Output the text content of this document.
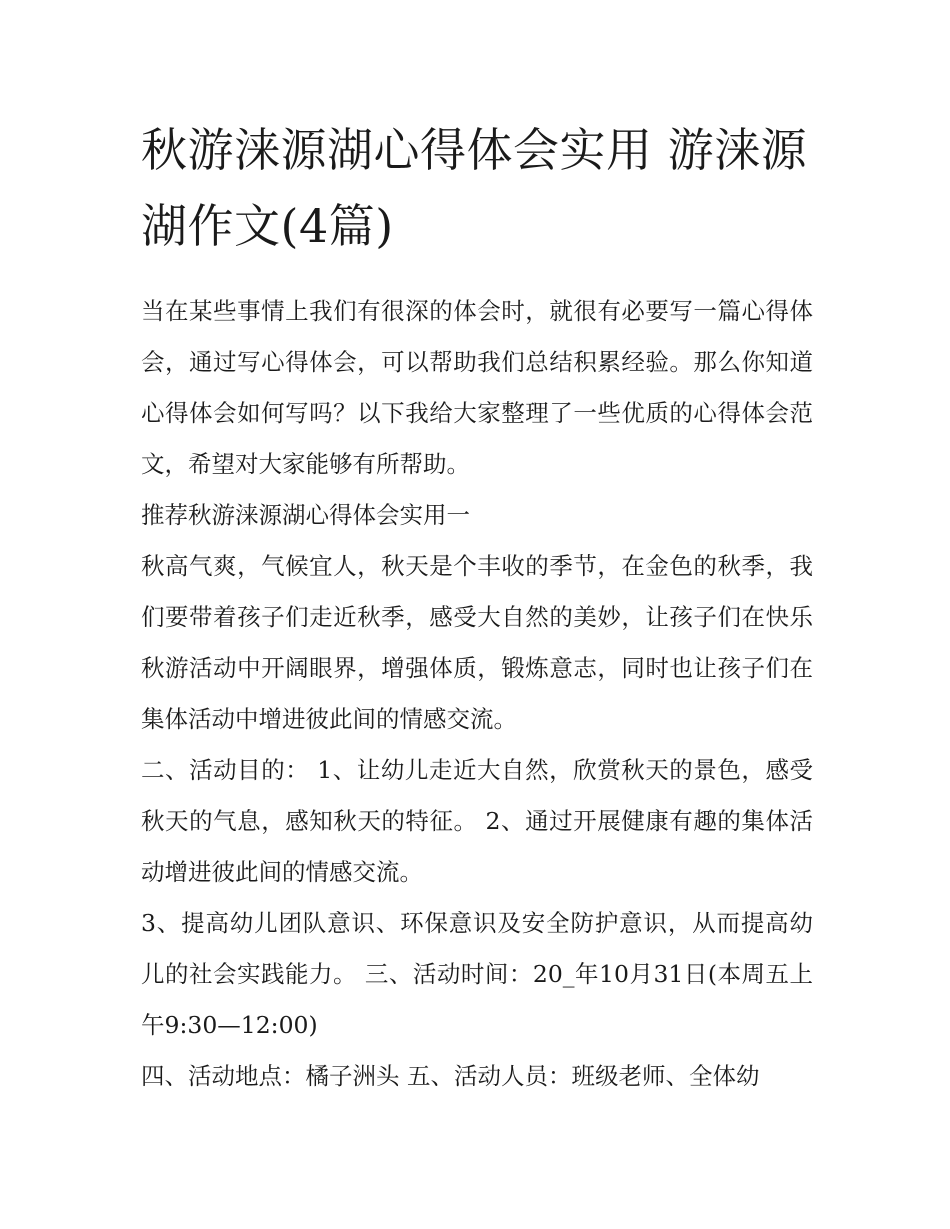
秋游涞源湖心得体会实用 游涞源湖作文(4篇)

当在某些事情上我们有很深的体会时，就很有必要写一篇心得体会，通过写心得体会，可以帮助我们总结积累经验。那么你知道心得体会如何写吗？以下我给大家整理了一些优质的心得体会范文，希望对大家能够有所帮助。

推荐秋游涞源湖心得体会实用一

秋高气爽，气候宜人，秋天是个丰收的季节，在金色的秋季，我们要带着孩子们走近秋季，感受大自然的美妙，让孩子们在快乐秋游活动中开阔眼界，增强体质，锻炼意志，同时也让孩子们在集体活动中增进彼此间的情感交流。

二、活动目的： 1、让幼儿走近大自然，欣赏秋天的景色，感受秋天的气息，感知秋天的特征。 2、通过开展健康有趣的集体活动增进彼此间的情感交流。

3、提高幼儿团队意识、环保意识及安全防护意识，从而提高幼儿的社会实践能力。 三、活动时间：20_年10月31日(本周五上午9:30—12:00)

四、活动地点：橘子洲头 五、活动人员：班级老师、全体幼
